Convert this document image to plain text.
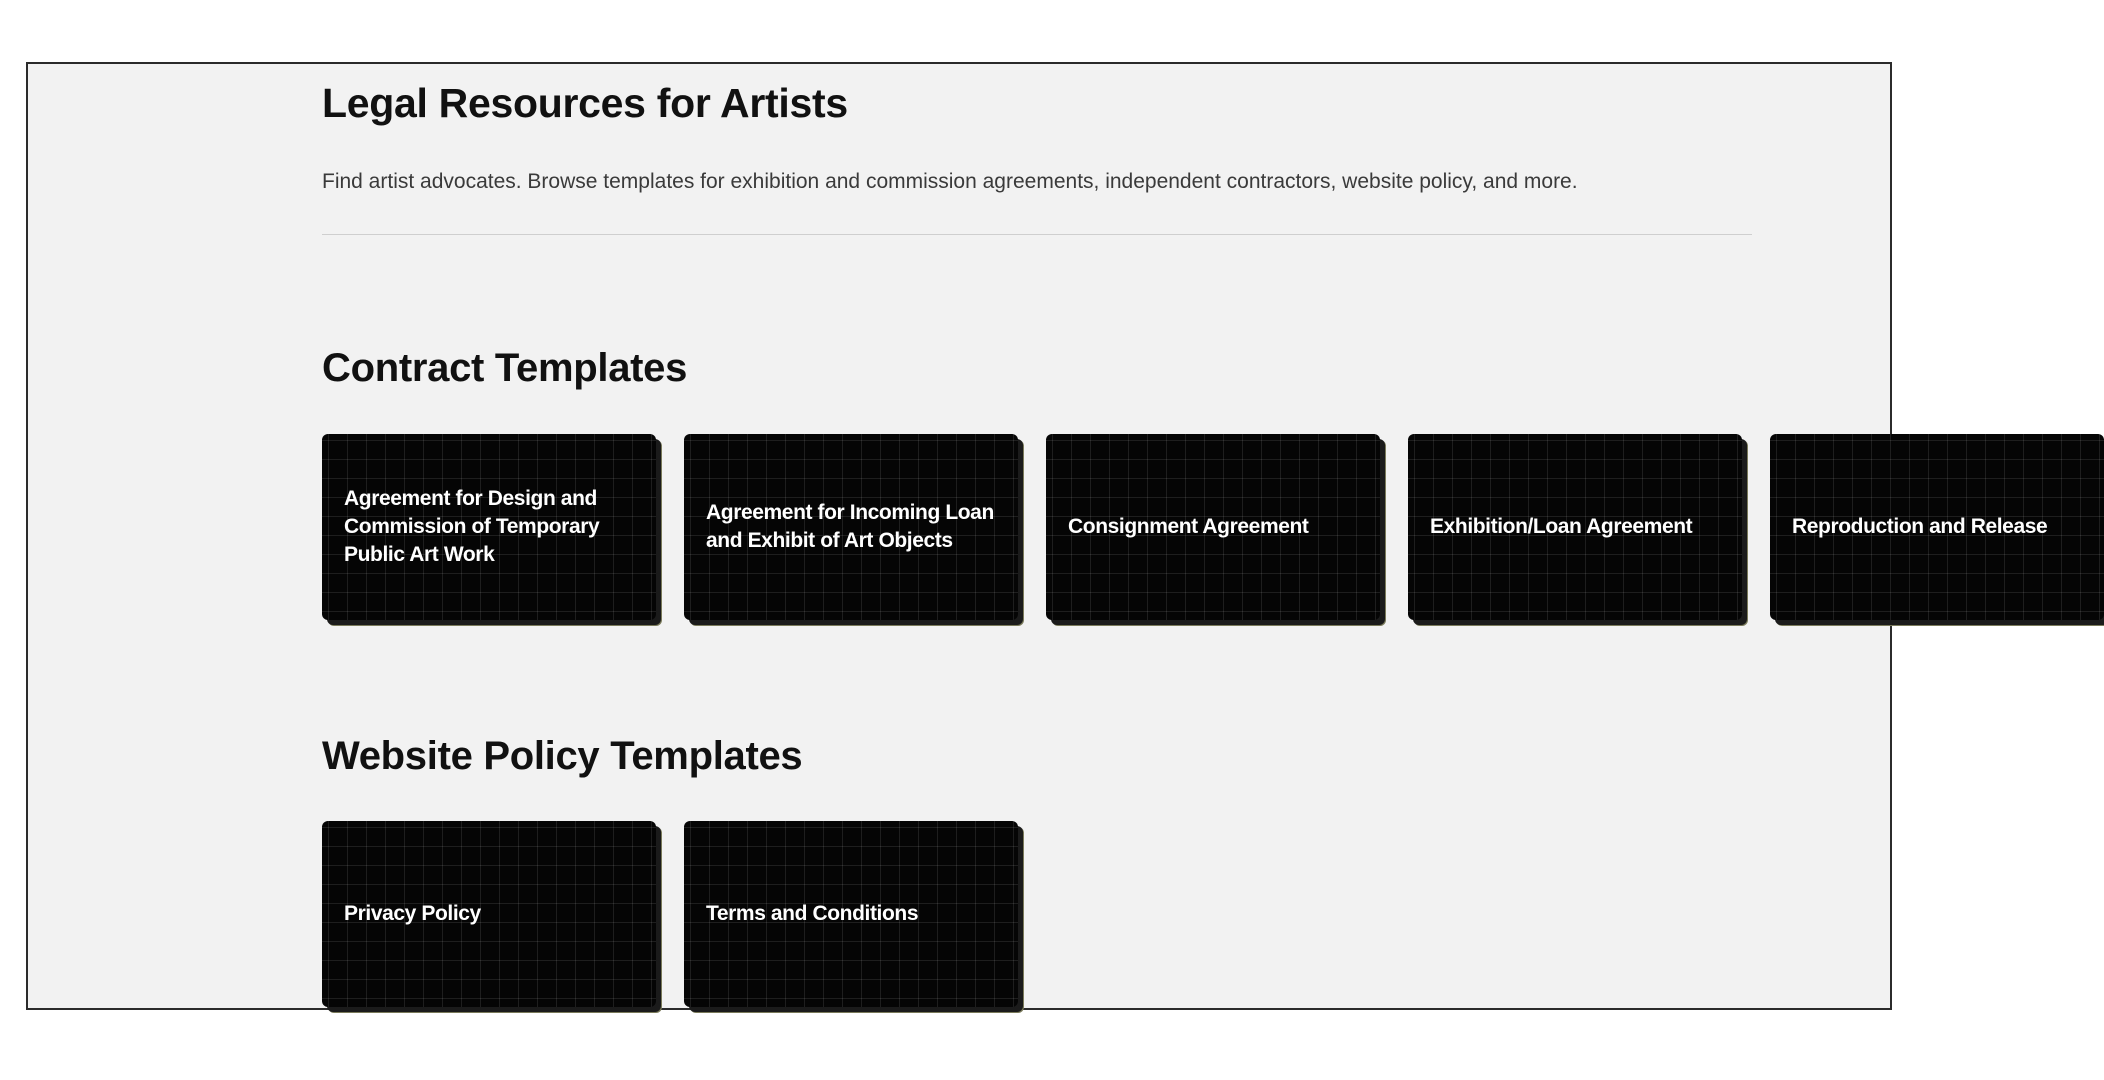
Legal Resources for Artists

Find artist advocates. Browse templates for exhibition and commission agreements, independent contractors, website policy, and more.

Contract Templates
Agreement for Design and Commission of Temporary Public Art Work
Agreement for Incoming Loan and Exhibit of Art Objects
Consignment Agreement	Exhibition/Loan Agreement	Reproduction and Release
Website Policy Templates
Privacy Policy	Terms and Conditions
